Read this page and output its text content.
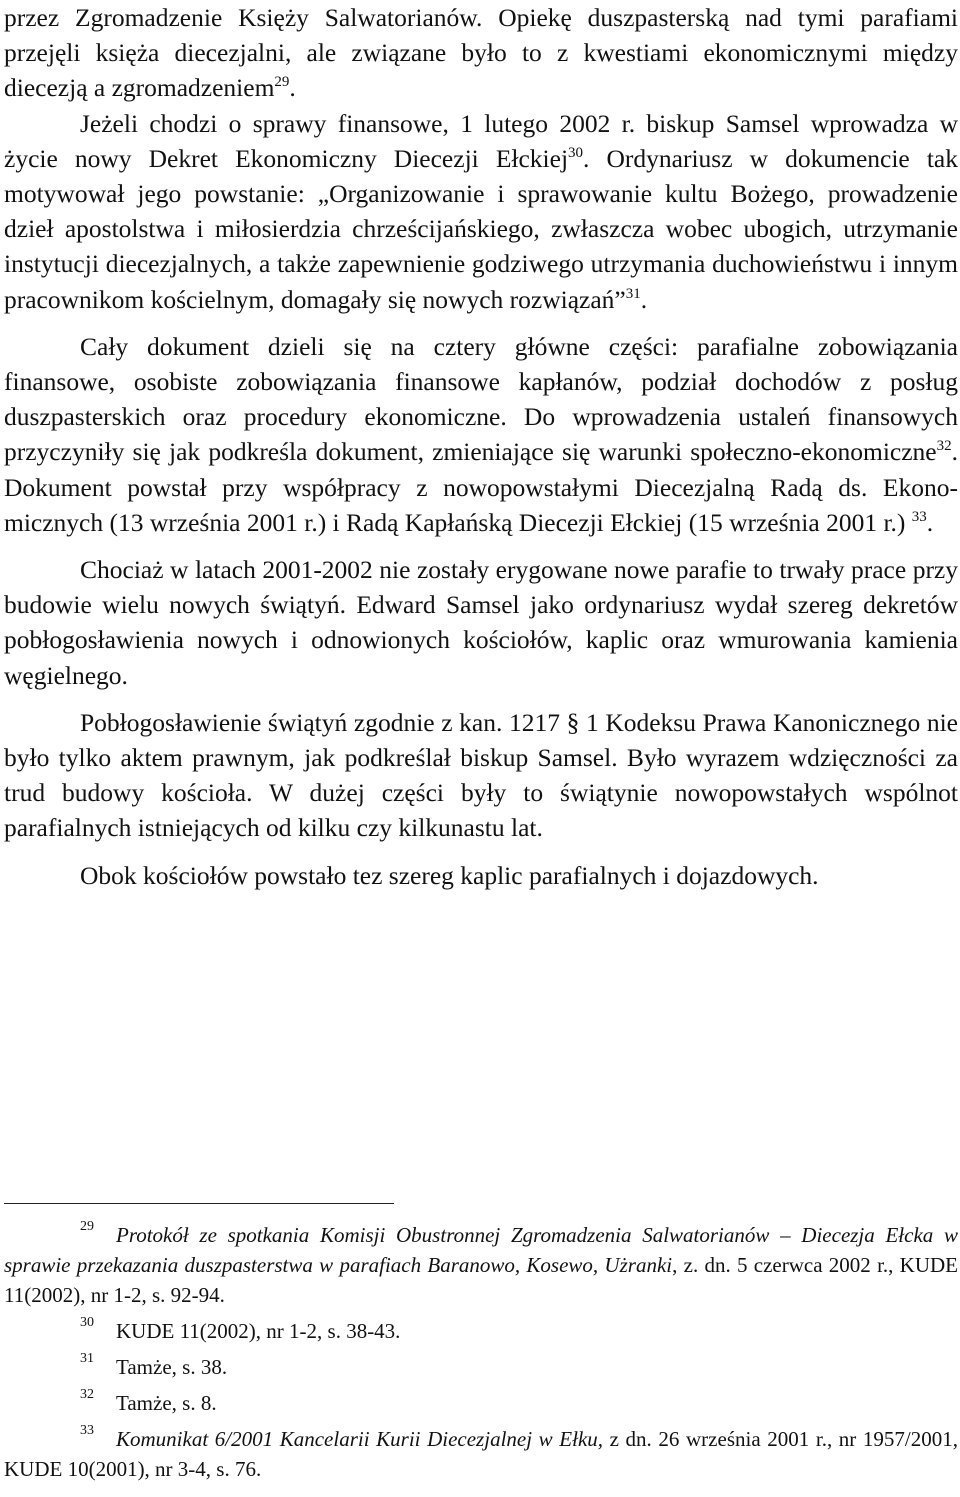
przez Zgromadzenie Księży Salwatorianów. Opiekę duszpasterską nad tymi parafiami przejęli księża diecezjalni, ale związane było to z kwestiami ekonomicznymi między diecezją a zgromadzeniem$^{29}$.

Jeżeli chodzi o sprawy finansowe, 1 lutego 2002 r. biskup Samsel wprowadza w życie nowy Dekret Ekonomiczny Diecezji Ełckiej$^{30}$. Ordynariusz w dokumencie tak motywował jego powstanie: „Organizowanie i sprawowanie kultu Bożego, prowadzenie dzieł apostolstwa i miłosierdzia chrześcijańskiego, zwłaszcza wobec ubogich, utrzymanie instytucji diecezjalnych, a także zapewnienie godziwego utrzymania duchowieństwu i innym pracownikom kościelnym, domagały się nowych rozwiązań”$^{31}$.

Cały dokument dzieli się na cztery główne części: parafialne zobowiązania finansowe, osobiste zobowiązania finansowe kapłanów, podział dochodów z posług duszpasterskich oraz procedury ekonomiczne. Do wprowadzenia ustaleń finansowych przyczyniły się jak podkreśla dokument, zmieniające się warunki społeczno-ekonomiczne$^{32}$. Dokument powstał przy współpracy z nowopowstałymi Diecezjalną Radą ds. Ekonomicznych (13 września 2001 r.) i Radą Kapłańską Diecezji Ełckiej (15 września 2001 r.) $^{33}$.

Chociaż w latach 2001-2002 nie zostały erygowane nowe parafie to trwały prace przy budowie wielu nowych świątyń. Edward Samsel jako ordynariusz wydał szereg dekretów pobłogosławienia nowych i odnowionych kościołów, kaplic oraz wmurowania kamienia węgielnego.

Pobłogosławienie świątyń zgodnie z kan. 1217 § 1 Kodeksu Prawa Kanonicznego nie było tylko aktem prawnym, jak podkreślał biskup Samsel. Było wyrazem wdzięczności za trud budowy kościoła. W dużej części były to świątynie nowopowstałych wspólnot parafialnych istniejących od kilku czy kilkunastu lat.

Obok kościołów powstało tez szereg kaplic parafialnych i dojazdowych.

$^{29}$ Protokół ze spotkania Komisji Obustronnej Zgromadzenia Salwatorianów – Diecezja Ełcka w sprawie przekazania duszpasterstwa w parafiach Baranowo, Kosewo, Użranki, z. dn. 5 czerwca 2002 r., KUDE 11(2002), nr 1-2, s. 92-94.

$^{30}$ KUDE 11(2002), nr 1-2, s. 38-43.

$^{31}$ Tamże, s. 38.

$^{32}$ Tamże, s. 8.

$^{33}$ Komunikat 6/2001 Kancelarii Kurii Diecezjalnej w Ełku, z dn. 26 września 2001 r., nr 1957/2001, KUDE 10(2001), nr 3-4, s. 76.
